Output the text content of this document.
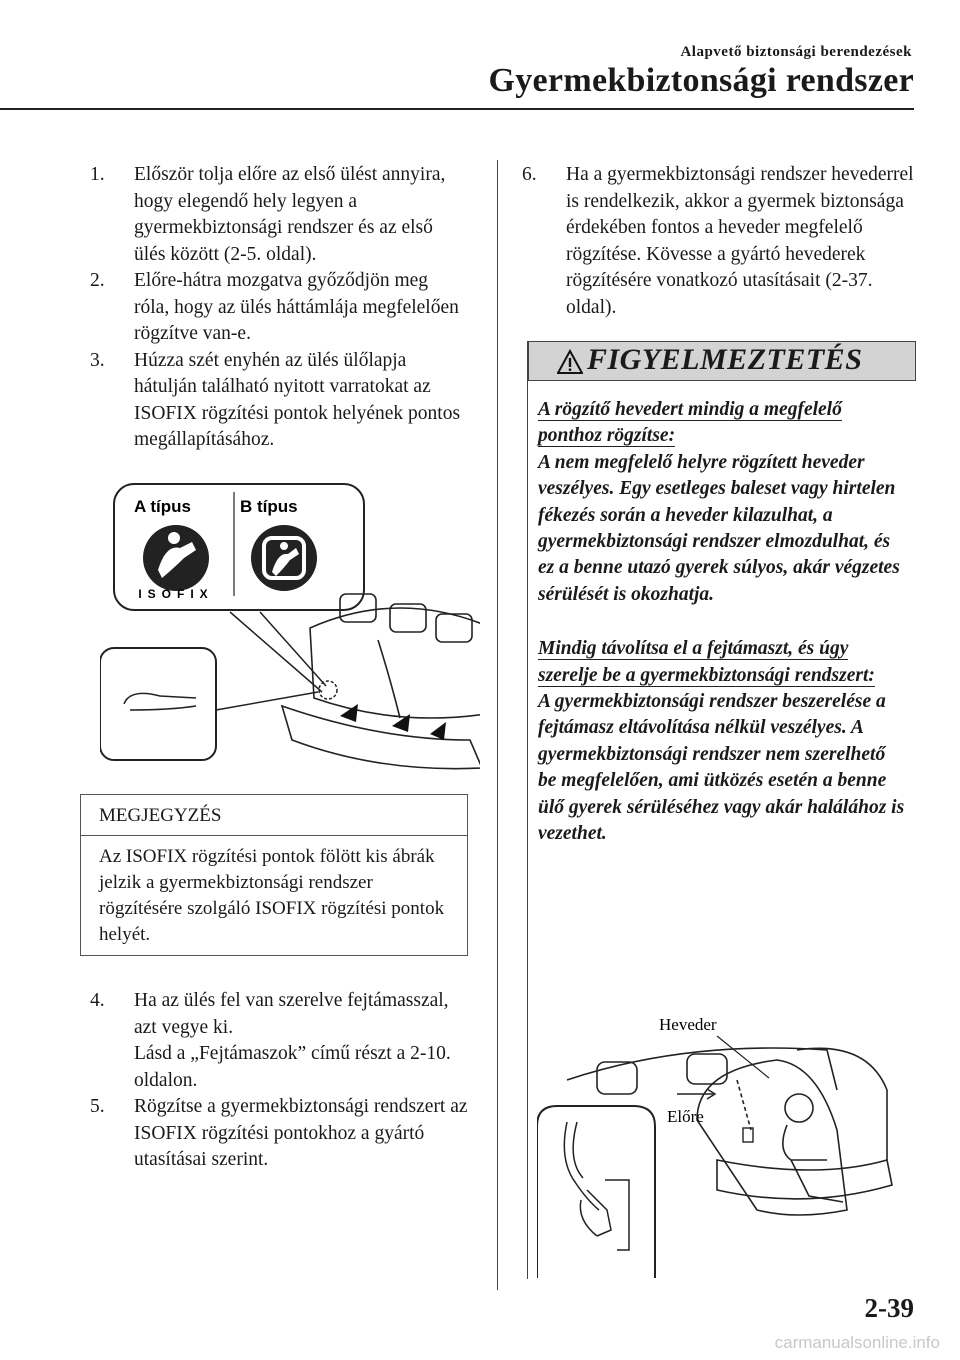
Alapvető biztonsági berendezések
Gyermekbiztonsági rendszer
1. Először tolja előre az első ülést annyira, hogy elegendő hely legyen a gyermekbiztonsági rendszer és az első ülés között (2-5. oldal).
2. Előre-hátra mozgatva győződjön meg róla, hogy az ülés háttámlája megfelelően rögzítve van-e.
3. Húzza szét enyhén az ülés ülőlapja hátulján található nyitott varratokat az ISOFIX rögzítési pontok helyének pontos megállapításához.
A típus	B típus
ISOFIX
MEGJEGYZÉS
Az ISOFIX rögzítési pontok fölött kis ábrák jelzik a gyermekbiztonsági rendszer rögzítésére szolgáló ISOFIX rögzítési pontok helyét.
4. Ha az ülés fel van szerelve fejtámasszal, azt vegye ki.
Lásd a „Fejtámaszok” című részt a 2-10. oldalon.
5. Rögzítse a gyermekbiztonsági rendszert az ISOFIX rögzítési pontokhoz a gyártó utasításai szerint.
6. Ha a gyermekbiztonsági rendszer hevederrel is rendelkezik, akkor a gyermek biztonsága érdekében fontos a heveder megfelelő rögzítése. Kövesse a gyártó hevederek rögzítésére vonatkozó utasításait (2-37. oldal).
FIGYELMEZTETÉS

A rögzítő hevedert mindig a megfelelő ponthoz rögzítse:

A nem megfelelő helyre rögzített heveder veszélyes. Egy esetleges baleset vagy hirtelen fékezés során a heveder kilazulhat, a gyermekbiztonsági rendszer elmozdulhat, és ez a benne utazó gyerek súlyos, akár végzetes sérülését is okozhatja.

Mindig távolítsa el a fejtámaszt, és úgy szerelje be a gyermekbiztonsági rendszert:

A gyermekbiztonsági rendszer beszerelése a fejtámasz eltávolítása nélkül veszélyes. A gyermekbiztonsági rendszer nem szerelhető be megfelelően, ami ütközés esetén a benne ülő gyerek sérüléséhez vagy akár halálához is vezethet.

Heveder
Előre
2-39
carmanualsonline.info
